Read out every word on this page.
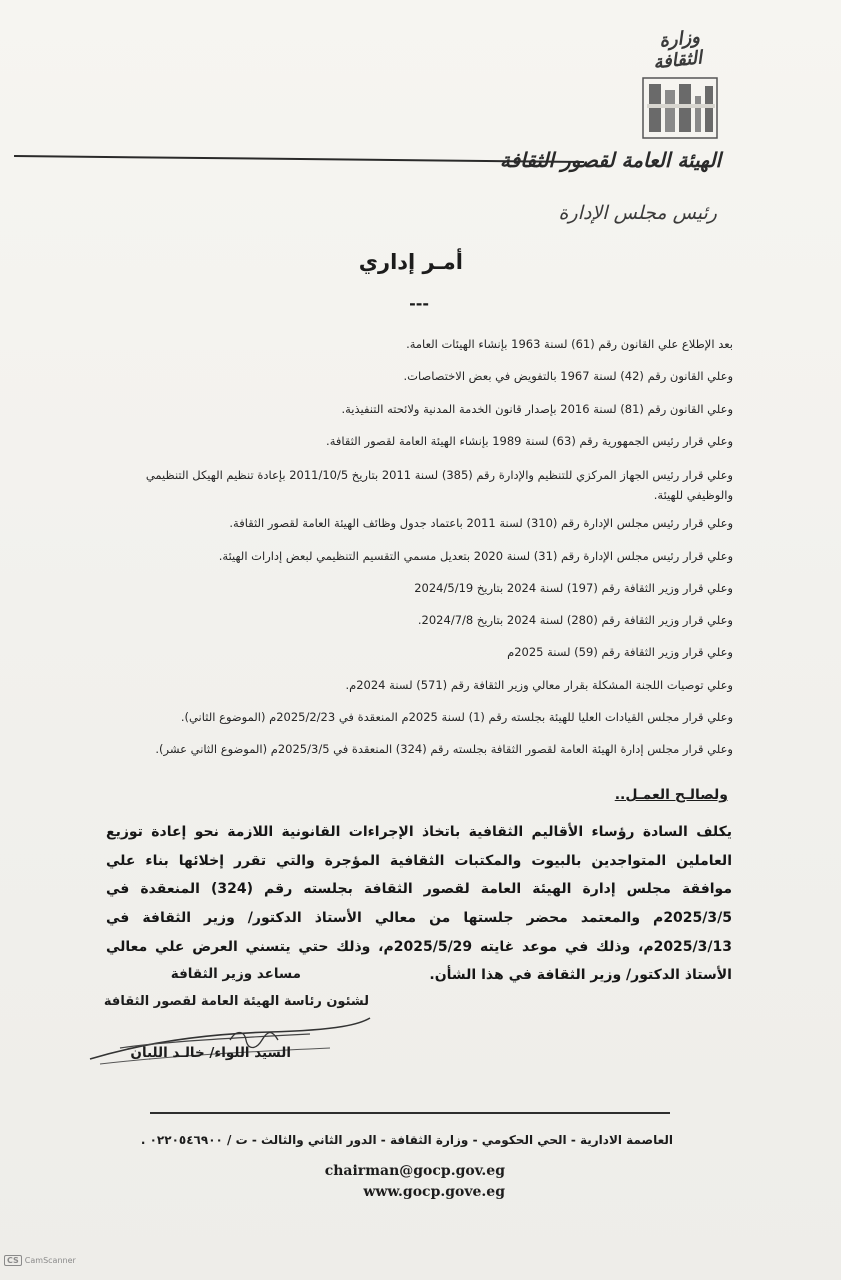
وزارة الثقافة
الهيئة العامة لقصور الثقافة
رئيس مجلس الإدارة
أمـر إداري
---
بعد الإطلاع علي القانون رقم (61) لسنة 1963 بإنشاء الهيئات العامة.
وعلي القانون رقم (42) لسنة 1967 بالتفويض في بعض الاختصاصات.
وعلي القانون رقم (81) لسنة 2016 بإصدار قانون الخدمة المدنية ولائحته التنفيذية.
وعلي قرار رئيس الجمهورية رقم (63) لسنة 1989 بإنشاء الهيئة العامة لقصور الثقافة.
وعلي قرار رئيس الجهاز المركزي للتنظيم والإدارة رقم (385) لسنة 2011 بتاريخ 2011/10/5 بإعادة تنظيم الهيكل التنظيمي والوظيفي للهيئة.
وعلي قرار رئيس مجلس الإدارة رقم (310) لسنة 2011 باعتماد جدول وظائف الهيئة العامة لقصور الثقافة.
وعلي قرار رئيس مجلس الإدارة رقم (31) لسنة 2020 بتعديل مسمي التقسيم التنظيمي لبعض إدارات الهيئة.
وعلي قرار وزير الثقافة رقم (197) لسنة 2024 بتاريخ 2024/5/19
وعلي قرار وزير الثقافة رقم (280) لسنة 2024 بتاريخ 2024/7/8.
وعلي قرار وزير الثقافة رقم (59) لسنة 2025م
وعلي توصيات اللجنة المشكلة بقرار معالي وزير الثقافة رقم (571) لسنة 2024م.
وعلي قرار مجلس القيادات العليا للهيئة بجلسته رقم (1) لسنة 2025م المنعقدة في 2025/2/23م (الموضوع الثاني).
وعلي قرار مجلس إدارة الهيئة العامة لقصور الثقافة بجلسته رقم (324) المنعقدة في 2025/3/5م (الموضوع الثاني عشر).
ولصالـح العمـل..
يكلف السادة رؤساء الأقاليم الثقافية باتخاذ الإجراءات القانونية اللازمة نحو إعادة توزيع العاملين المتواجدين بالبيوت والمكتبات الثقافية المؤجرة والتي تقرر إخلائها بناء علي موافقة مجلس إدارة الهيئة العامة لقصور الثقافة بجلسته رقم (324) المنعقدة في 2025/3/5م والمعتمد محضر جلستها من معالي الأستاذ الدكتور/ وزير الثقافة في 2025/3/13م، وذلك في موعد غايته 2025/5/29م، وذلك حتي يتسني العرض علي معالي الأستاذ الدكتور/ وزير الثقافة في هذا الشأن.
مساعد وزير الثقافة
لشئون رئاسة الهيئة العامة لقصور الثقافة
السيد اللواء/ خالـد اللبان
العاصمة الادارية - الحي الحكومي - وزارة الثقافة - الدور الثاني والثالث - ت / ٠٢٢٠٥٤٦٩٠٠ .
chairman@gocp.gov.eg
www.gocp.gove.eg
CS CamScanner
